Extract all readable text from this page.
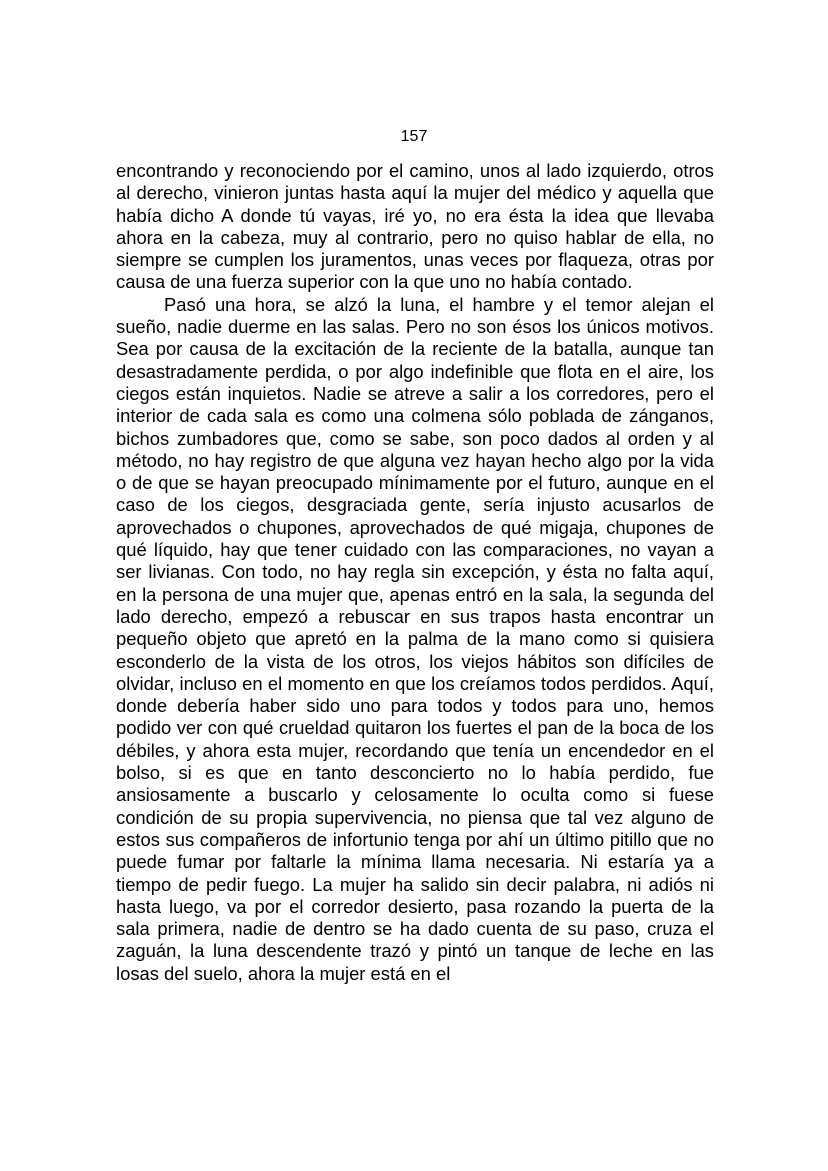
157

encontrando y reconociendo por el camino, unos al lado izquierdo, otros al derecho, vinieron juntas hasta aquí la mujer del médico y aquella que había dicho A donde tú vayas, iré yo, no era ésta la idea que llevaba ahora en la cabeza, muy al contrario, pero no quiso hablar de ella, no siempre se cumplen los juramentos, unas veces por flaqueza, otras por causa de una fuerza superior con la que uno no había contado.

Pasó una hora, se alzó la luna, el hambre y el temor alejan el sueño, nadie duerme en las salas. Pero no son ésos los únicos motivos. Sea por causa de la excitación de la reciente de la batalla, aunque tan desastradamente perdida, o por algo indefinible que flota en el aire, los ciegos están inquietos. Nadie se atreve a salir a los corredores, pero el interior de cada sala es como una colmena sólo poblada de zánganos, bichos zumbadores que, como se sabe, son poco dados al orden y al método, no hay registro de que alguna vez hayan hecho algo por la vida o de que se hayan preocupado mínimamente por el futuro, aunque en el caso de los ciegos, desgraciada gente, sería injusto acusarlos de aprovechados o chupones, aprovechados de qué migaja, chupones de qué líquido, hay que tener cuidado con las comparaciones, no vayan a ser livianas. Con todo, no hay regla sin excepción, y ésta no falta aquí, en la persona de una mujer que, apenas entró en la sala, la segunda del lado derecho, empezó a rebuscar en sus trapos hasta encontrar un pequeño objeto que apretó en la palma de la mano como si quisiera esconderlo de la vista de los otros, los viejos hábitos son difíciles de olvidar, incluso en el momento en que los creíamos todos perdidos. Aquí, donde debería haber sido uno para todos y todos para uno, hemos podido ver con qué crueldad quitaron los fuertes el pan de la boca de los débiles, y ahora esta mujer, recordando que tenía un encendedor en el bolso, si es que en tanto desconcierto no lo había perdido, fue ansiosamente a buscarlo y celosamente lo oculta como si fuese condición de su propia supervivencia, no piensa que tal vez alguno de estos sus compañeros de infortunio tenga por ahí un último pitillo que no puede fumar por faltarle la mínima llama necesaria. Ni estaría ya a tiempo de pedir fuego. La mujer ha salido sin decir palabra, ni adiós ni hasta luego, va por el corredor desierto, pasa rozando la puerta de la sala primera, nadie de dentro se ha dado cuenta de su paso, cruza el zaguán, la luna descendente trazó y pintó un tanque de leche en las losas del suelo, ahora la mujer está en el
